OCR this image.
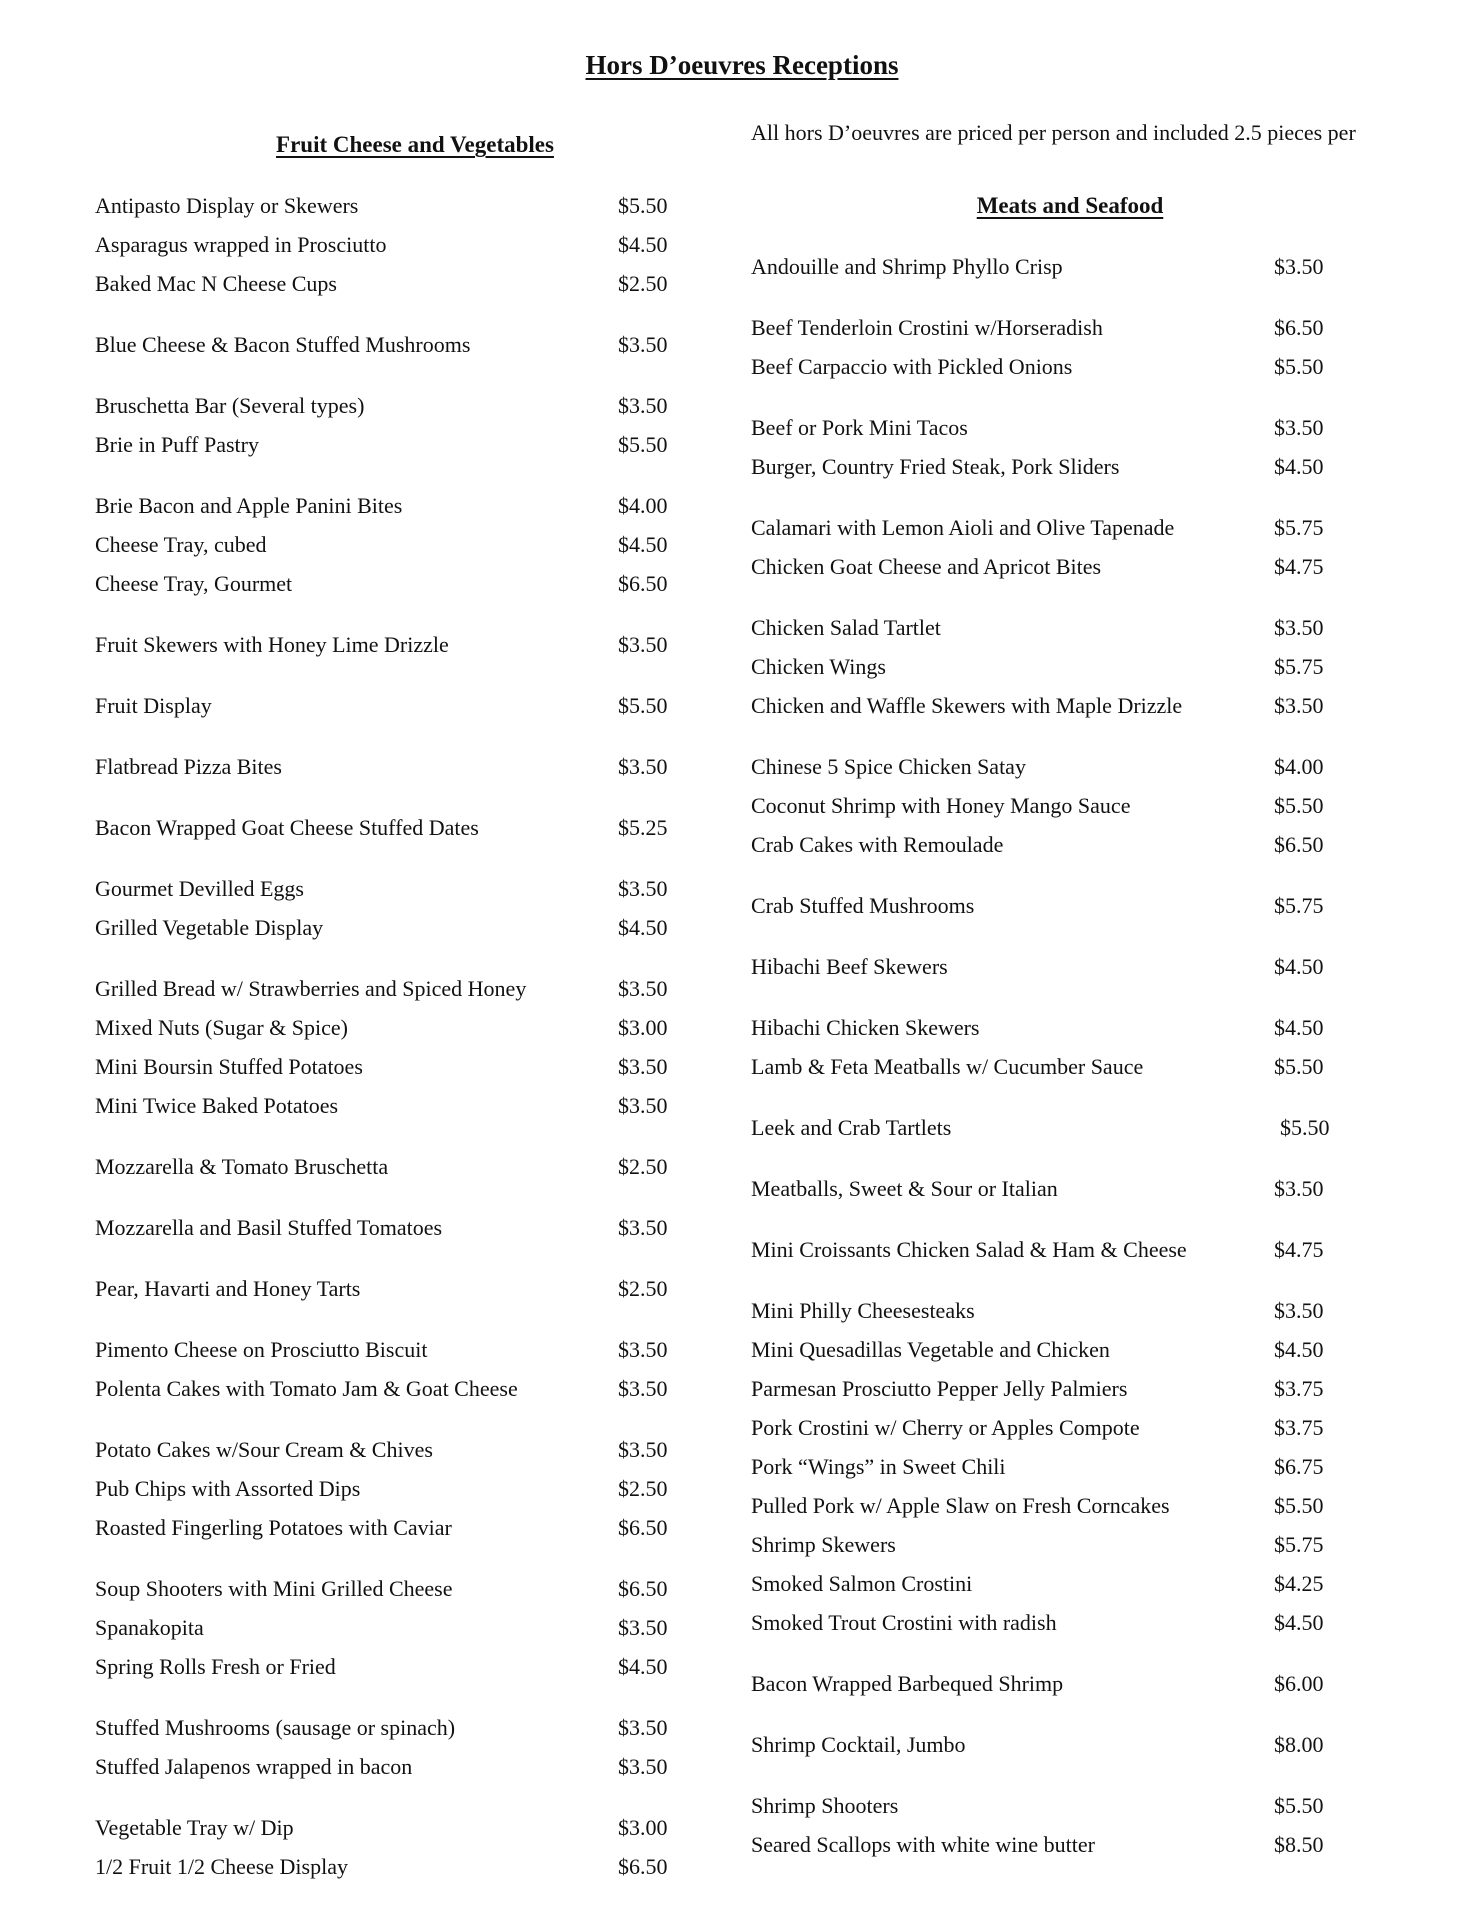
Hors D’oeuvres Receptions
Fruit Cheese and Vegetables	All hors D’oeuvres are priced per person and included 2.5 pieces per
Meats and Seafood
Antipasto Display or Skewers	$5.50
Asparagus wrapped in Prosciutto	$4.50
Baked Mac N Cheese Cups	$2.50
Blue Cheese & Bacon Stuffed Mushrooms	$3.50
Bruschetta Bar (Several types)	$3.50
Brie in Puff Pastry	$5.50
Brie Bacon and Apple Panini Bites	$4.00
Cheese Tray, cubed	$4.50
Cheese Tray, Gourmet	$6.50
Fruit Skewers with Honey Lime Drizzle	$3.50
Fruit Display	$5.50
Flatbread Pizza Bites	$3.50
Bacon Wrapped Goat Cheese Stuffed Dates	$5.25
Gourmet Devilled Eggs	$3.50
Grilled Vegetable Display	$4.50
Grilled Bread w/ Strawberries and Spiced Honey	$3.50
Mixed Nuts (Sugar & Spice)	$3.00
Mini Boursin Stuffed Potatoes	$3.50
Mini Twice Baked Potatoes	$3.50
Mozzarella & Tomato Bruschetta	$2.50
Mozzarella and Basil Stuffed Tomatoes	$3.50
Pear, Havarti and Honey Tarts	$2.50
Pimento Cheese on Prosciutto Biscuit	$3.50
Polenta Cakes with Tomato Jam & Goat Cheese	$3.50
Potato Cakes w/Sour Cream & Chives	$3.50
Pub Chips with Assorted Dips	$2.50
Roasted Fingerling Potatoes with Caviar	$6.50
Soup Shooters with Mini Grilled Cheese	$6.50
Spanakopita	$3.50
Spring Rolls Fresh or Fried	$4.50
Stuffed Mushrooms (sausage or spinach)	$3.50
Stuffed Jalapenos wrapped in bacon	$3.50
Vegetable Tray w/ Dip	$3.00
1/2 Fruit 1/2 Cheese Display	$6.50
Andouille and Shrimp Phyllo Crisp	$3.50
Beef Tenderloin Crostini w/Horseradish	$6.50
Beef Carpaccio with Pickled Onions	$5.50
Beef or Pork Mini Tacos	$3.50
Burger, Country Fried Steak, Pork Sliders	$4.50
Calamari with Lemon Aioli and Olive Tapenade	$5.75
Chicken Goat Cheese and Apricot Bites	$4.75
Chicken Salad Tartlet	$3.50
Chicken Wings	$5.75
Chicken and Waffle Skewers with Maple Drizzle	$3.50
Chinese 5 Spice Chicken Satay	$4.00
Coconut Shrimp with Honey Mango Sauce	$5.50
Crab Cakes with Remoulade	$6.50
Crab Stuffed Mushrooms	$5.75
Hibachi Beef Skewers	$4.50
Hibachi Chicken Skewers	$4.50
Lamb & Feta Meatballs w/ Cucumber Sauce	$5.50
Leek and Crab Tartlets	$5.50
Meatballs, Sweet & Sour or Italian	$3.50
Mini Croissants Chicken Salad & Ham & Cheese	$4.75
Mini Philly Cheesesteaks	$3.50
Mini Quesadillas Vegetable and Chicken	$4.50
Parmesan Prosciutto Pepper Jelly Palmiers	$3.75
Pork Crostini w/ Cherry or Apples Compote	$3.75
Pork “Wings” in Sweet Chili	$6.75
Pulled Pork w/ Apple Slaw on Fresh Corncakes	$5.50
Shrimp Skewers	$5.75
Smoked Salmon Crostini	$4.25
Smoked Trout Crostini with radish	$4.50
Bacon Wrapped Barbequed Shrimp	$6.00
Shrimp Cocktail, Jumbo	$8.00
Shrimp Shooters	$5.50
Seared Scallops with white wine butter	$8.50
